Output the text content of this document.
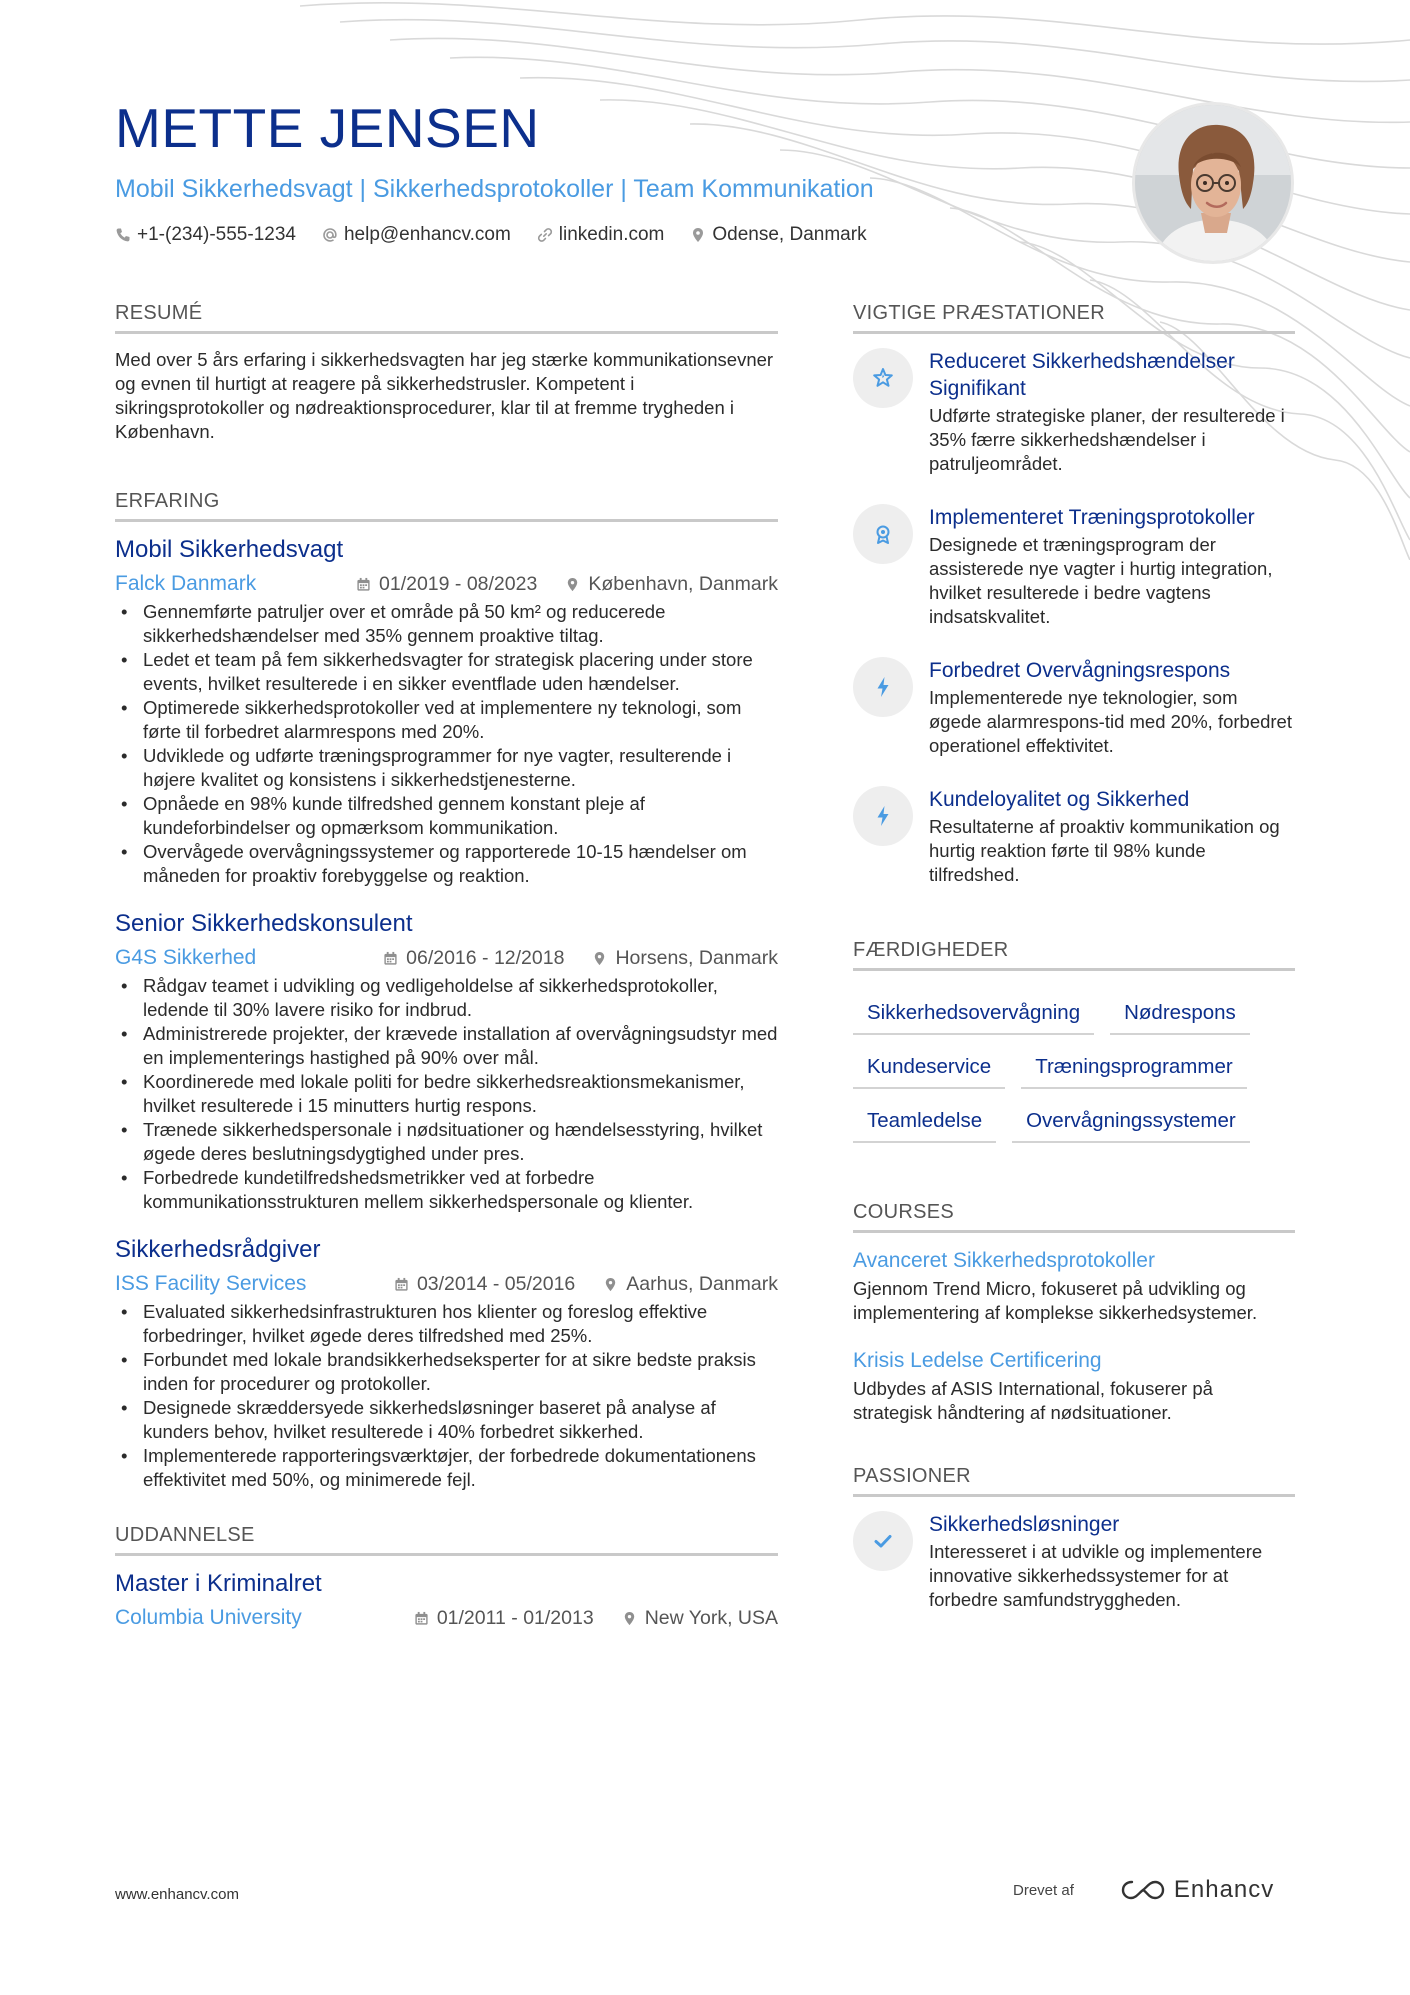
METTE JENSEN
Mobil Sikkerhedsvagt | Sikkerhedsprotokoller | Team Kommunikation
+1-(234)-555-1234	help@enhancv.com	linkedin.com	Odense, Danmark
RESUMÉ

Med over 5 års erfaring i sikkerhedsvagten har jeg stærke kommunikationsevner og evnen til hurtigt at reagere på sikkerhedstrusler. Kompetent i sikringsprotokoller og nødreaktionsprocedurer, klar til at fremme trygheden i København.

ERFARING
Mobil Sikkerhedsvagt
Falck Danmark	01/2019 - 08/2023	København, Danmark
• Gennemførte patruljer over et område på 50 km² og reducerede sikkerhedshændelser med 35% gennem proaktive tiltag.
• Ledet et team på fem sikkerhedsvagter for strategisk placering under store events, hvilket resulterede i en sikker eventflade uden hændelser.
• Optimerede sikkerhedsprotokoller ved at implementere ny teknologi, som førte til forbedret alarmrespons med 20%.
• Udviklede og udførte træningsprogrammer for nye vagter, resulterende i højere kvalitet og konsistens i sikkerhedstjenesterne.
• Opnåede en 98% kunde tilfredshed gennem konstant pleje af kundeforbindelser og opmærksom kommunikation.
• Overvågede overvågningssystemer og rapporterede 10-15 hændelser om måneden for proaktiv forebyggelse og reaktion.
Senior Sikkerhedskonsulent
G4S Sikkerhed	06/2016 - 12/2018	Horsens, Danmark
• Rådgav teamet i udvikling og vedligeholdelse af sikkerhedsprotokoller, ledende til 30% lavere risiko for indbrud.
• Administrerede projekter, der krævede installation af overvågningsudstyr med en implementerings hastighed på 90% over mål.
• Koordinerede med lokale politi for bedre sikkerhedsreaktionsmekanismer, hvilket resulterede i 15 minutters hurtig respons.
• Trænede sikkerhedspersonale i nødsituationer og hændelsesstyring, hvilket øgede deres beslutningsdygtighed under pres.
• Forbedrede kundetilfredshedsmetrikker ved at forbedre kommunikationsstrukturen mellem sikkerhedspersonale og klienter.
Sikkerhedsrådgiver
ISS Facility Services	03/2014 - 05/2016	Aarhus, Danmark
• Evaluated sikkerhedsinfrastrukturen hos klienter og foreslog effektive forbedringer, hvilket øgede deres tilfredshed med 25%.
• Forbundet med lokale brandsikkerhedseksperter for at sikre bedste praksis inden for procedurer og protokoller.
• Designede skræddersyede sikkerhedsløsninger baseret på analyse af kunders behov, hvilket resulterede i 40% forbedret sikkerhed.
• Implementerede rapporteringsværktøjer, der forbedrede dokumentationens effektivitet med 50%, og minimerede fejl.
UDDANNELSE
Master i Kriminalret
Columbia University	01/2011 - 01/2013	New York, USA
VIGTIGE PRÆSTATIONER
Reduceret Sikkerhedshændelser Signifikant
Udførte strategiske planer, der resulterede i 35% færre sikkerhedshændelser i patruljeområdet.
Implementeret Træningsprotokoller
Designede et træningsprogram der assisterede nye vagter i hurtig integration, hvilket resulterede i bedre vagtens indsatskvalitet.
Forbedret Overvågningsrespons
Implementerede nye teknologier, som øgede alarmrespons-tid med 20%, forbedret operationel effektivitet.
Kundeloyalitet og Sikkerhed
Resultaterne af proaktiv kommunikation og hurtig reaktion førte til 98% kunde tilfredshed.
FÆRDIGHEDER
Sikkerhedsovervågning	Nødrespons
Kundeservice	Træningsprogrammer
Teamledelse	Overvågningssystemer
COURSES
Avanceret Sikkerhedsprotokoller
Gjennom Trend Micro, fokuseret på udvikling og implementering af komplekse sikkerhedsystemer.
Krisis Ledelse Certificering
Udbydes af ASIS International, fokuserer på strategisk håndtering af nødsituationer.
PASSIONER
Sikkerhedsløsninger
Interesseret i at udvikle og implementere innovative sikkerhedssystemer for at forbedre samfundstryggheden.
www.enhancv.com	Drevet af	Enhancv
